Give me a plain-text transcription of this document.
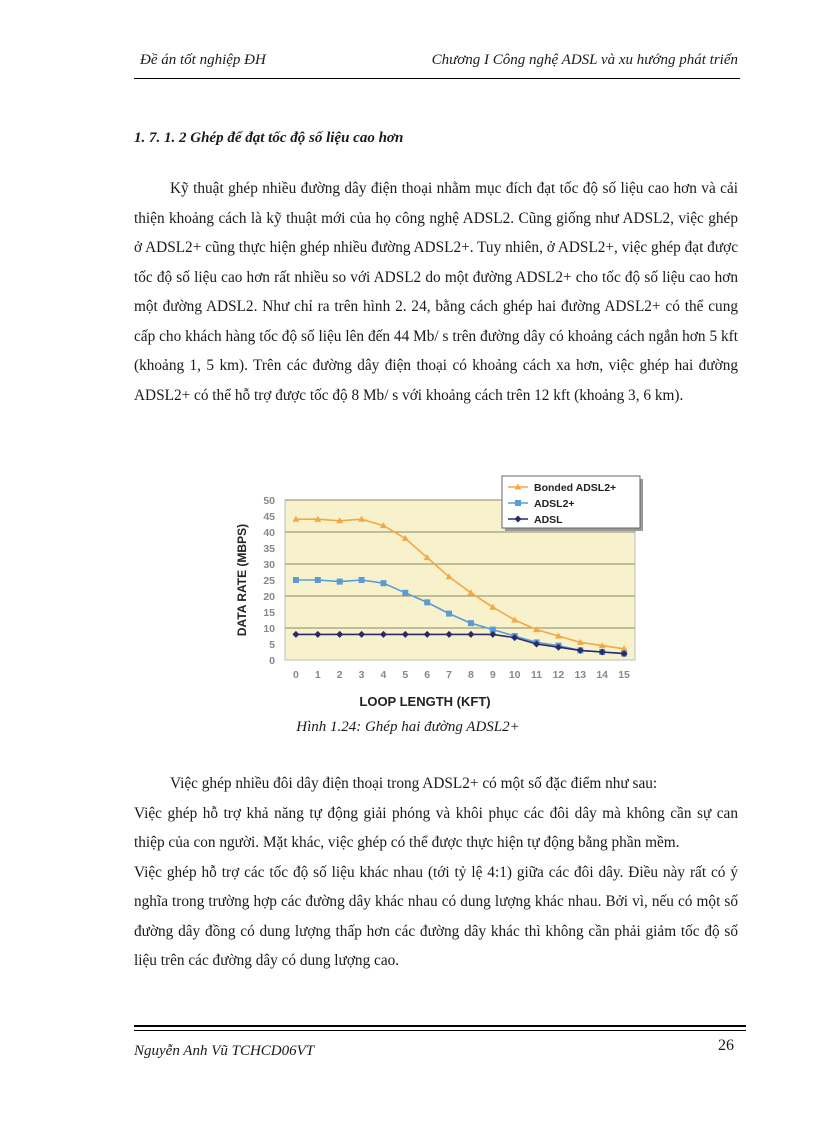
Đề án tốt nghiệp ĐH	Chương I Công nghệ ADSL và xu hướng phát triển
1. 7. 1. 2 Ghép để đạt tốc độ số liệu cao hơn
Kỹ thuật ghép nhiều đường dây điện thoại nhằm mục đích đạt tốc độ số liệu cao hơn và cải thiện khoảng cách là kỹ thuật mới của họ công nghệ ADSL2. Cũng giống như ADSL2, việc ghép ở ADSL2+ cũng thực hiện ghép nhiều đường ADSL2+. Tuy nhiên, ở ADSL2+, việc ghép đạt được tốc độ số liệu cao hơn rất nhiều so với ADSL2 do một đường ADSL2+ cho tốc độ số liệu cao hơn một đường ADSL2. Như chỉ ra trên hình 2. 24, bằng cách ghép hai đường ADSL2+ có thể cung cấp cho khách hàng tốc độ số liệu lên đến 44 Mb/ s trên đường dây có khoảng cách ngắn hơn 5 kft (khoảng 1, 5 km). Trên các đường dây điện thoại có khoảng cách xa hơn, việc ghép hai đường ADSL2+ có thể hỗ trợ được tốc độ 8 Mb/ s với khoảng cách trên 12 kft (khoảng 3, 6 km).
0
5
10
15
20
25
30
35
40
45
50
0 1 2 3 4 5 6 7 8 9 10 11 12 13 14 15
DATA RATE (MBPS)
LOOP LENGTH (KFT)
Bonded ADSL2+
ADSL2+
ADSL
Hình 1.24: Ghép hai đường ADSL2+

Việc ghép nhiều đôi dây điện thoại trong ADSL2+ có một số đặc điểm như sau:

Việc ghép hỗ trợ khả năng tự động giải phóng và khôi phục các đôi dây mà không cần sự can thiệp của con người. Mặt khác, việc ghép có thể được thực hiện tự động bằng phần mềm.

Việc ghép hỗ trợ các tốc độ số liệu khác nhau (tới tỷ lệ 4:1) giữa các đôi dây. Điều này rất có ý nghĩa trong trường hợp các đường dây khác nhau có dung lượng khác nhau. Bởi vì, nếu có một số đường dây đồng có dung lượng thấp hơn các đường dây khác thì không cần phải giảm tốc độ số liệu trên các đường dây có dung lượng cao.

Nguyễn Anh Vũ TCHCD06VT	26
